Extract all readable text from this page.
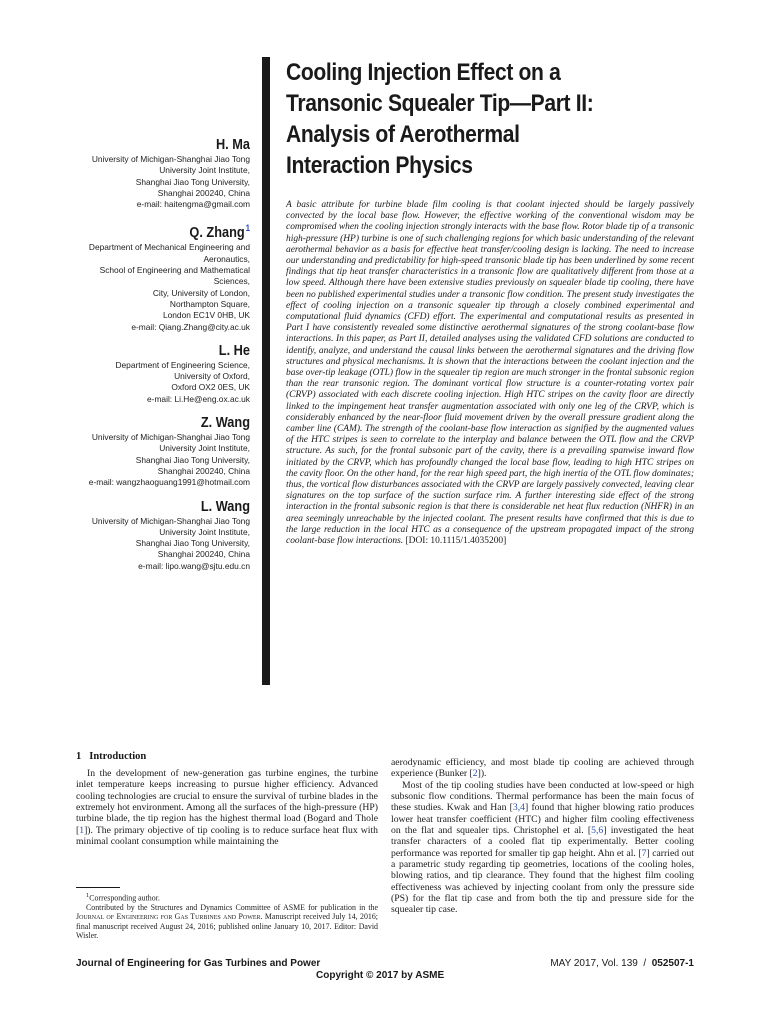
Cooling Injection Effect on a
Transonic Squealer Tip—Part II:
Analysis of Aerothermal
Interaction Physics
H. Ma
University of Michigan-Shanghai Jiao Tong
University Joint Institute,
Shanghai Jiao Tong University,
Shanghai 200240, China
e-mail: haitengma@gmail.com
Q. Zhang$^1$
Department of Mechanical Engineering and
Aeronautics,
School of Engineering and Mathematical
Sciences,
City, University of London,
Northampton Square,
London EC1V 0HB, UK
e-mail: Qiang.Zhang@city.ac.uk
L. He
Department of Engineering Science,
University of Oxford,
Oxford OX2 0ES, UK
e-mail: Li.He@eng.ox.ac.uk
Z. Wang
University of Michigan-Shanghai Jiao Tong
University Joint Institute,
Shanghai Jiao Tong University,
Shanghai 200240, China
e-mail: wangzhaoguang1991@hotmail.com
L. Wang
University of Michigan-Shanghai Jiao Tong
University Joint Institute,
Shanghai Jiao Tong University,
Shanghai 200240, China
e-mail: lipo.wang@sjtu.edu.cn
A basic attribute for turbine blade film cooling is that coolant injected should be largely passively convected by the local base flow. However, the effective working of the conventional wisdom may be compromised when the cooling injection strongly interacts with the base flow. Rotor blade tip of a transonic high-pressure (HP) turbine is one of such challenging regions for which basic understanding of the relevant aerothermal behavior as a basis for effective heat transfer/cooling design is lacking. The need to increase our understanding and predictability for high-speed transonic blade tip has been underlined by some recent findings that tip heat transfer characteristics in a transonic flow are qualitatively different from those at a low speed. Although there have been extensive studies previously on squealer blade tip cooling, there have been no published experimental studies under a transonic flow condition. The present study investigates the effect of cooling injection on a transonic squealer tip through a closely combined experimental and computational fluid dynamics (CFD) effort. The experimental and computational results as presented in Part I have consistently revealed some distinctive aerothermal signatures of the strong coolant-base flow interactions. In this paper, as Part II, detailed analyses using the validated CFD solutions are conducted to identify, analyze, and understand the causal links between the aerothermal signatures and the driving flow structures and physical mechanisms. It is shown that the interactions between the coolant injection and the base over-tip leakage (OTL) flow in the squealer tip region are much stronger in the frontal subsonic region than the rear transonic region. The dominant vortical flow structure is a counter-rotating vortex pair (CRVP) associated with each discrete cooling injection. High HTC stripes on the cavity floor are directly linked to the impingement heat transfer augmentation associated with only one leg of the CRVP, which is considerably enhanced by the near-floor fluid movement driven by the overall pressure gradient along the camber line (CAM). The strength of the coolant-base flow interaction as signified by the augmented values of the HTC stripes is seen to correlate to the interplay and balance between the OTL flow and the CRVP structure. As such, for the frontal subsonic part of the cavity, there is a prevailing spanwise inward flow initiated by the CRVP, which has profoundly changed the local base flow, leading to high HTC stripes on the cavity floor. On the other hand, for the rear high speed part, the high inertia of the OTL flow dominates; thus, the vortical flow disturbances associated with the CRVP are largely passively convected, leaving clear signatures on the top surface of the suction surface rim. A further interesting side effect of the strong interaction in the frontal subsonic region is that there is considerable net heat flux reduction (NHFR) in an area seemingly unreachable by the injected coolant. The present results have confirmed that this is due to the large reduction in the local HTC as a consequence of the upstream propagated impact of the strong coolant-base flow interactions. [DOI: 10.1115/1.4035200]
1 Introduction

In the development of new-generation gas turbine engines, the turbine inlet temperature keeps increasing to pursue higher efficiency. Advanced cooling technologies are crucial to ensure the survival of turbine blades in the extremely hot environment. Among all the surfaces of the high-pressure (HP) turbine blade, the tip region has the highest thermal load (Bogard and Thole [1]). The primary objective of tip cooling is to reduce surface heat flux with minimal coolant consumption while maintaining the

$^1$Corresponding author.

Contributed by the Structures and Dynamics Committee of ASME for publication in the Journal of Engineering for Gas Turbines and Power. Manuscript received July 14, 2016; final manuscript received August 24, 2016; published online January 10, 2017. Editor: David Wisler.

aerodynamic efficiency, and most blade tip cooling are achieved through experience (Bunker [2]).

Most of the tip cooling studies have been conducted at low-speed or high subsonic flow conditions. Thermal performance has been the main focus of these studies. Kwak and Han [3,4] found that higher blowing ratio produces lower heat transfer coefficient (HTC) and higher film cooling effectiveness on the flat and squealer tips. Christophel et al. [5,6] investigated the heat transfer characters of a cooled flat tip experimentally. Better cooling performance was reported for smaller tip gap height. Ahn et al. [7] carried out a parametric study regarding tip geometries, locations of the cooling holes, blowing ratios, and tip clearance. They found that the highest film cooling effectiveness was achieved by injecting coolant from only the pressure side (PS) for the flat tip case and from both the tip and pressure side for the squealer tip case.

Journal of Engineering for Gas Turbines and Power	MAY 2017, Vol. 139 / 052507-1
Copyright © 2017 by ASME
